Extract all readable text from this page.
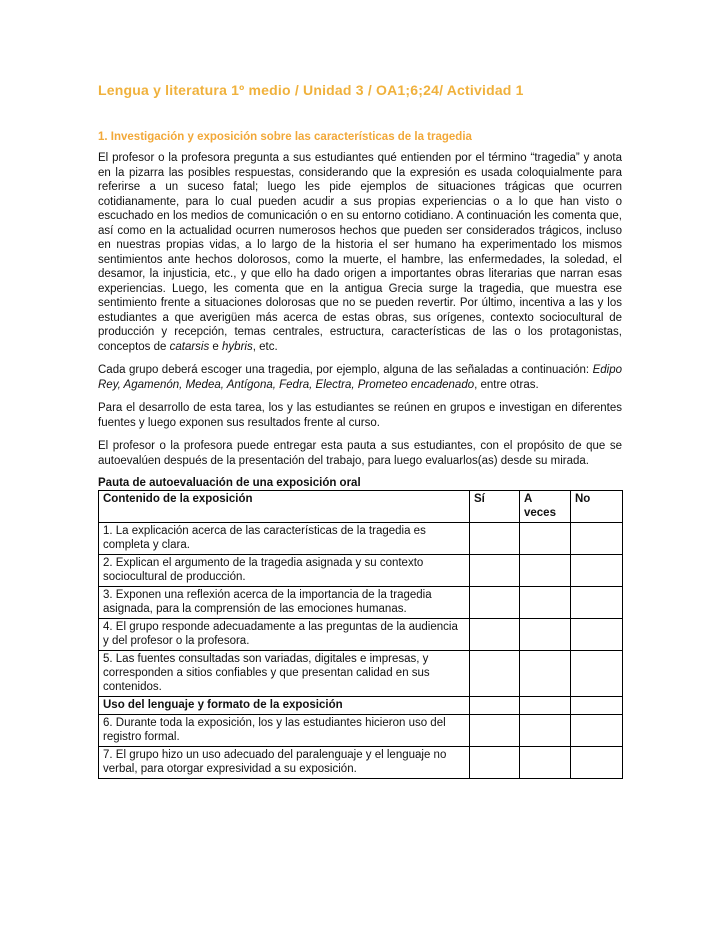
Lengua y literatura 1º medio / Unidad 3 / OA1;6;24/ Actividad 1
1. Investigación y exposición sobre las características de la tragedia

El profesor o la profesora pregunta a sus estudiantes qué entienden por el término “tragedia” y anota en la pizarra las posibles respuestas, considerando que la expresión es usada coloquialmente para referirse a un suceso fatal; luego les pide ejemplos de situaciones trágicas que ocurren cotidianamente, para lo cual pueden acudir a sus propias experiencias o a lo que han visto o escuchado en los medios de comunicación o en su entorno cotidiano. A continuación les comenta que, así como en la actualidad ocurren numerosos hechos que pueden ser considerados trágicos, incluso en nuestras propias vidas, a lo largo de la historia el ser humano ha experimentado los mismos sentimientos ante hechos dolorosos, como la muerte, el hambre, las enfermedades, la soledad, el desamor, la injusticia, etc., y que ello ha dado origen a importantes obras literarias que narran esas experiencias. Luego, les comenta que en la antigua Grecia surge la tragedia, que muestra ese sentimiento frente a situaciones dolorosas que no se pueden revertir. Por último, incentiva a las y los estudiantes a que averigüen más acerca de estas obras, sus orígenes, contexto sociocultural de producción y recepción, temas centrales, estructura, características de las o los protagonistas, conceptos de catarsis e hybris, etc.

Cada grupo deberá escoger una tragedia, por ejemplo, alguna de las señaladas a continuación: Edipo Rey, Agamenón, Medea, Antígona, Fedra, Electra, Prometeo encadenado, entre otras.

Para el desarrollo de esta tarea, los y las estudiantes se reúnen en grupos e investigan en diferentes fuentes y luego exponen sus resultados frente al curso.

El profesor o la profesora puede entregar esta pauta a sus estudiantes, con el propósito de que se autoevalúen después de la presentación del trabajo, para luego evaluarlos(as) desde su mirada.

Pauta de autoevaluación de una exposición oral

Contenido de la exposición	Sí	A veces	No
1. La explicación acerca de las características de la tragedia es completa y clara.			
2. Explican el argumento de la tragedia asignada y su contexto sociocultural de producción.			
3. Exponen una reflexión acerca de la importancia de la tragedia asignada, para la comprensión de las emociones humanas.			
4. El grupo responde adecuadamente a las preguntas de la audiencia y del profesor o la profesora.			
5. Las fuentes consultadas son variadas, digitales e impresas, y corresponden a sitios confiables y que presentan calidad en sus contenidos.			
Uso del lenguaje y formato de la exposición			
6. Durante toda la exposición, los y las estudiantes hicieron uso del registro formal.			
7. El grupo hizo un uso adecuado del paralenguaje y el lenguaje no verbal, para otorgar expresividad a su exposición.			
